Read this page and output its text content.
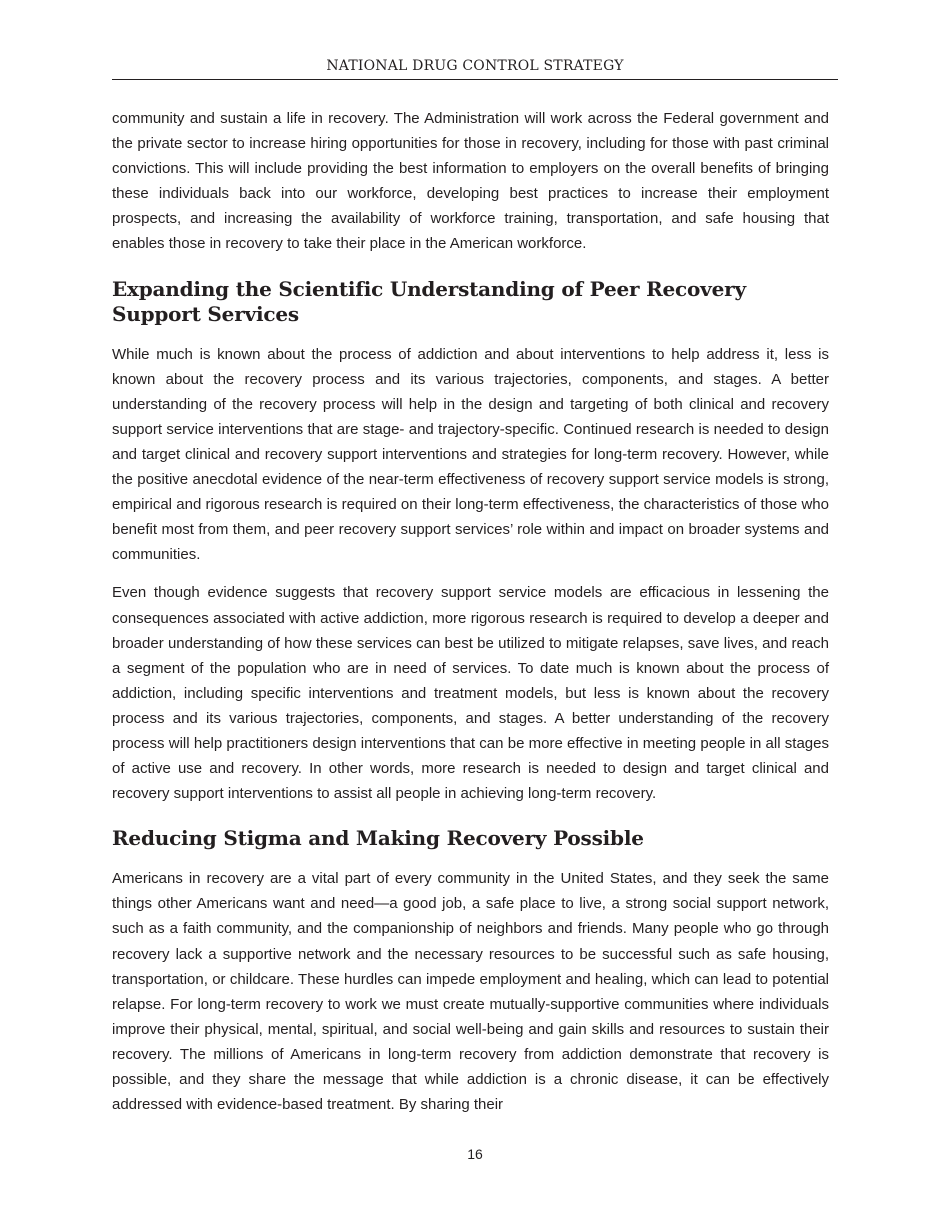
NATIONAL DRUG CONTROL STRATEGY

community and sustain a life in recovery. The Administration will work across the Federal government and the private sector to increase hiring opportunities for those in recovery, including for those with past criminal convictions. This will include providing the best information to employers on the overall benefits of bringing these individuals back into our workforce, developing best practices to increase their employment prospects, and increasing the availability of workforce training, transportation, and safe housing that enables those in recovery to take their place in the American workforce.

Expanding the Scientific Understanding of Peer Recovery Support Services

While much is known about the process of addiction and about interventions to help address it, less is known about the recovery process and its various trajectories, components, and stages. A better understanding of the recovery process will help in the design and targeting of both clinical and recovery support service interventions that are stage- and trajectory-specific. Continued research is needed to design and target clinical and recovery support interventions and strategies for long-term recovery. However, while the positive anecdotal evidence of the near-term effectiveness of recovery support service models is strong, empirical and rigorous research is required on their long-term effectiveness, the characteristics of those who benefit most from them, and peer recovery support services’ role within and impact on broader systems and communities.

Even though evidence suggests that recovery support service models are efficacious in lessening the consequences associated with active addiction, more rigorous research is required to develop a deeper and broader understanding of how these services can best be utilized to mitigate relapses, save lives, and reach a segment of the population who are in need of services. To date much is known about the process of addiction, including specific interventions and treatment models, but less is known about the recovery process and its various trajectories, components, and stages. A better understanding of the recovery process will help practitioners design interventions that can be more effective in meeting people in all stages of active use and recovery. In other words, more research is needed to design and target clinical and recovery support interventions to assist all people in achieving long-term recovery.

Reducing Stigma and Making Recovery Possible

Americans in recovery are a vital part of every community in the United States, and they seek the same things other Americans want and need—a good job, a safe place to live, a strong social support network, such as a faith community, and the companionship of neighbors and friends. Many people who go through recovery lack a supportive network and the necessary resources to be successful such as safe housing, transportation, or childcare. These hurdles can impede employment and healing, which can lead to potential relapse. For long-term recovery to work we must create mutually-supportive communities where individuals improve their physical, mental, spiritual, and social well-being and gain skills and resources to sustain their recovery. The millions of Americans in long-term recovery from addiction demonstrate that recovery is possible, and they share the message that while addiction is a chronic disease, it can be effectively addressed with evidence-based treatment. By sharing their

16
